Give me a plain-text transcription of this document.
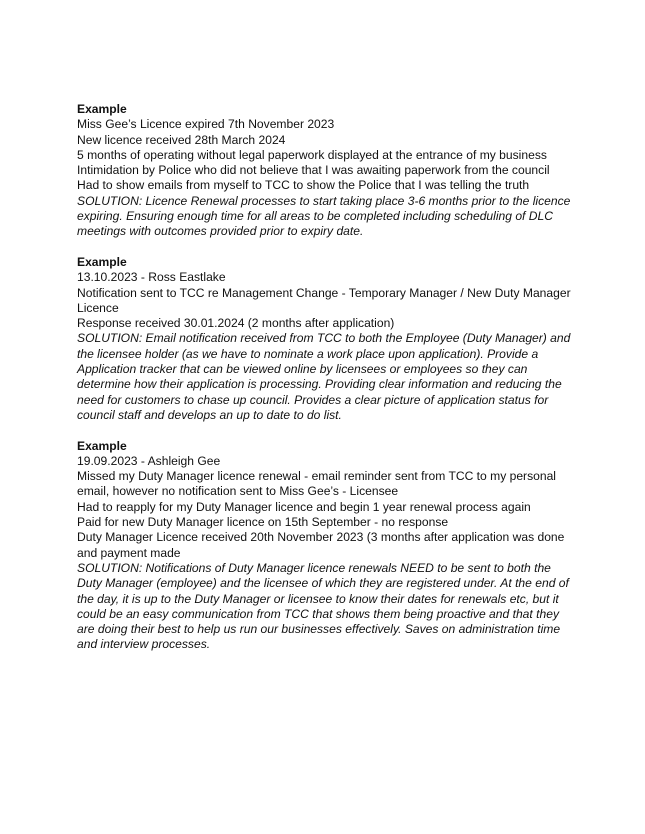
Example

Miss Gee’s Licence expired 7th November 2023

New licence received 28th March 2024

5 months of operating without legal paperwork displayed at the entrance of my business

Intimidation by Police who did not believe that I was awaiting paperwork from the council

Had to show emails from myself to TCC to show the Police that I was telling the truth

SOLUTION: Licence Renewal processes to start taking place 3-6 months prior to the licence expiring. Ensuring enough time for all areas to be completed including scheduling of DLC meetings with outcomes provided prior to expiry date.

Example

13.10.2023 - Ross Eastlake

Notification sent to TCC re Management Change - Temporary Manager / New Duty Manager Licence

Response received 30.01.2024 (2 months after application)

SOLUTION: Email notification received from TCC to both the Employee (Duty Manager) and the licensee holder (as we have to nominate a work place upon application). Provide a Application tracker that can be viewed online by licensees or employees so they can determine how their application is processing. Providing clear information and reducing the need for customers to chase up council. Provides a clear picture of application status for council staff and develops an up to date to do list.

Example

19.09.2023 - Ashleigh Gee

Missed my Duty Manager licence renewal - email reminder sent from TCC to my personal email, however no notification sent to Miss Gee’s - Licensee

Had to reapply for my Duty Manager licence and begin 1 year renewal process again

Paid for new Duty Manager licence on 15th September - no response

Duty Manager Licence received 20th November 2023 (3 months after application was done and payment made

SOLUTION: Notifications of Duty Manager licence renewals NEED to be sent to both the Duty Manager (employee) and the licensee of which they are registered under. At the end of the day, it is up to the Duty Manager or licensee to know their dates for renewals etc, but it could be an easy communication from TCC that shows them being proactive and that they are doing their best to help us run our businesses effectively. Saves on administration time and interview processes.
